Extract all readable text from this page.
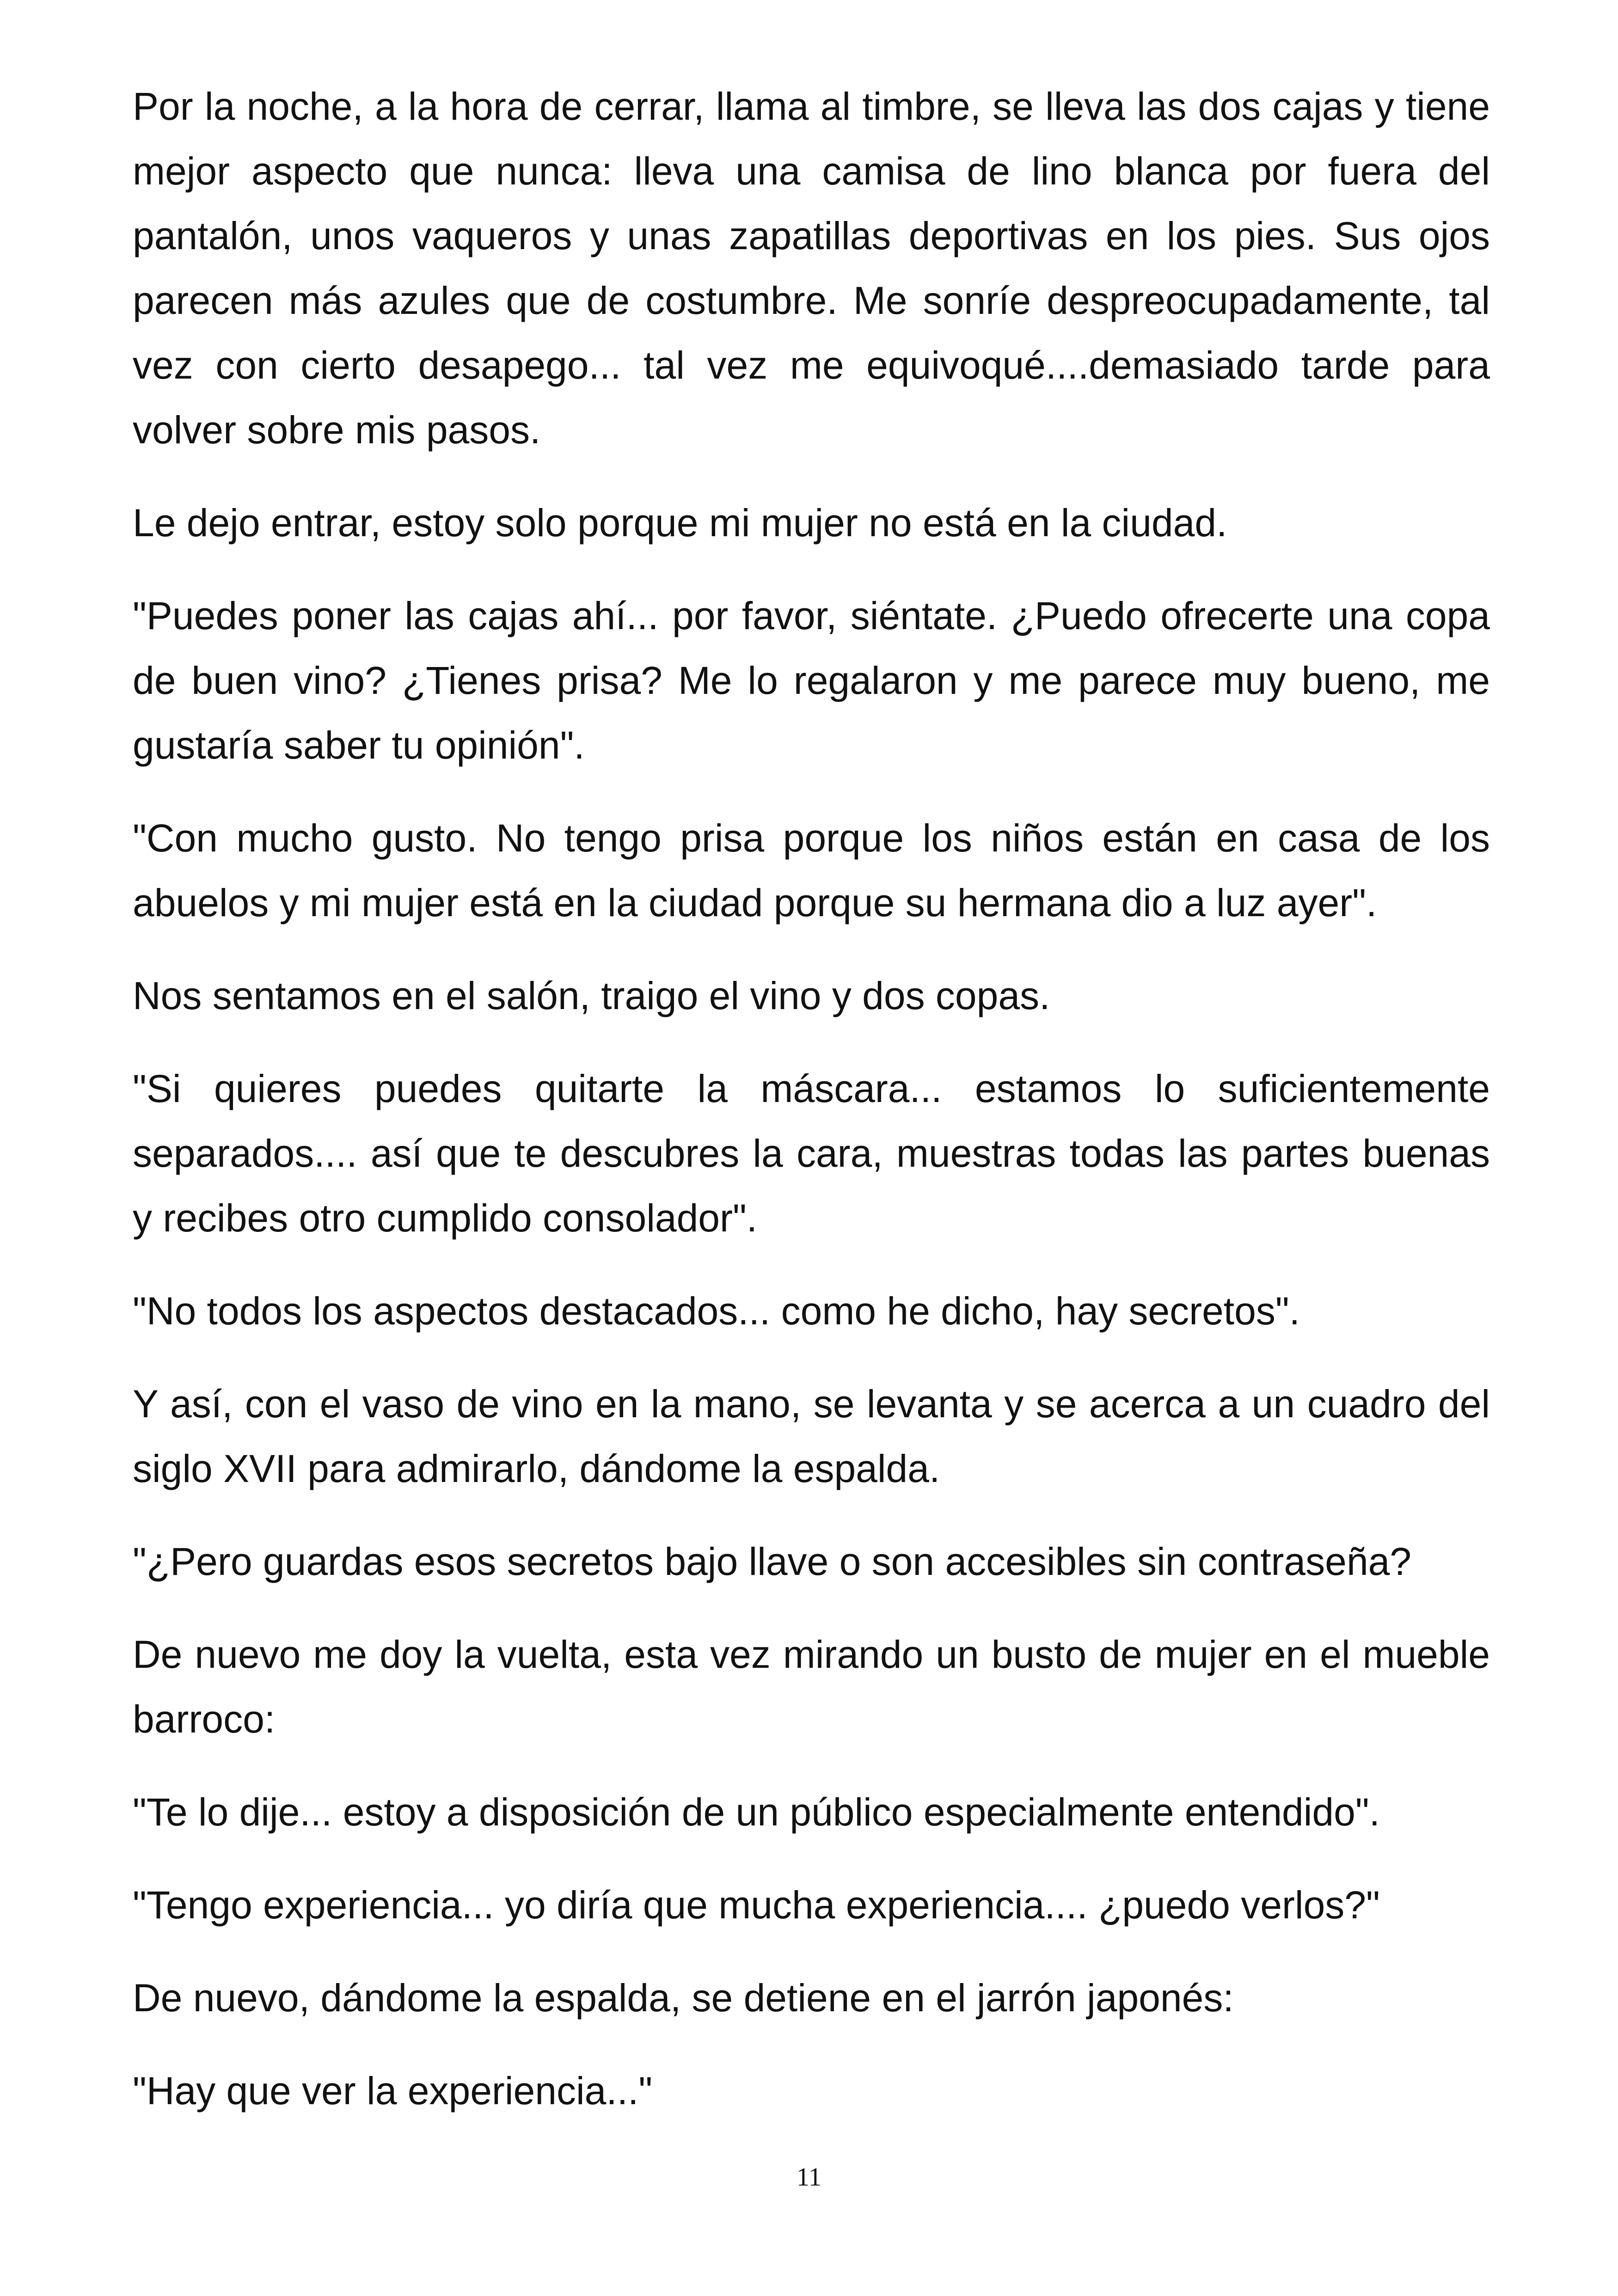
Por la noche, a la hora de cerrar, llama al timbre, se lleva las dos cajas y tiene mejor aspecto que nunca: lleva una camisa de lino blanca por fuera del pantalón, unos vaqueros y unas zapatillas deportivas en los pies. Sus ojos parecen más azules que de costumbre. Me sonríe despreocupadamente, tal vez con cierto desapego... tal vez me equivoqué....demasiado tarde para volver sobre mis pasos.

Le dejo entrar, estoy solo porque mi mujer no está en la ciudad.

"Puedes poner las cajas ahí... por favor, siéntate. ¿Puedo ofrecerte una copa de buen vino? ¿Tienes prisa? Me lo regalaron y me parece muy bueno, me gustaría saber tu opinión".

"Con mucho gusto. No tengo prisa porque los niños están en casa de los abuelos y mi mujer está en la ciudad porque su hermana dio a luz ayer".

Nos sentamos en el salón, traigo el vino y dos copas.

"Si quieres puedes quitarte la máscara... estamos lo suficientemente separados.... así que te descubres la cara, muestras todas las partes buenas y recibes otro cumplido consolador".

"No todos los aspectos destacados... como he dicho, hay secretos".

Y así, con el vaso de vino en la mano, se levanta y se acerca a un cuadro del siglo XVII para admirarlo, dándome la espalda.

"¿Pero guardas esos secretos bajo llave o son accesibles sin contraseña?

De nuevo me doy la vuelta, esta vez mirando un busto de mujer en el mueble barroco:

"Te lo dije... estoy a disposición de un público especialmente entendido".

"Tengo experiencia... yo diría que mucha experiencia.... ¿puedo verlos?"

De nuevo, dándome la espalda, se detiene en el jarrón japonés:

"Hay que ver la experiencia..."

11
